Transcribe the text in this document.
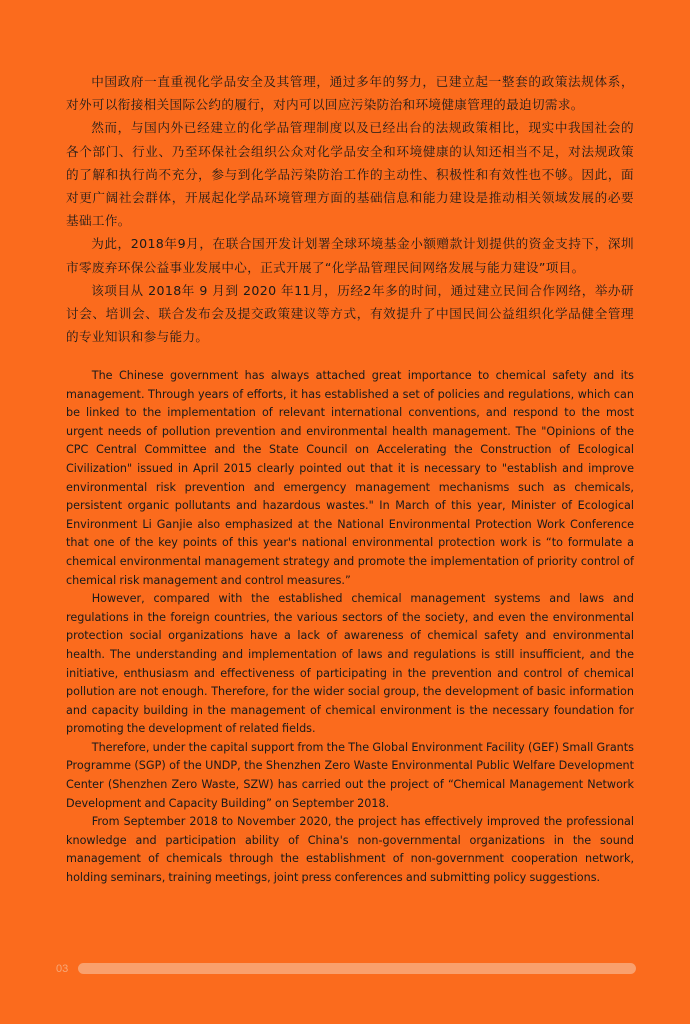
中国政府一直重视化学品安全及其管理，通过多年的努力，已建立起一整套的政策法规体系，对外可以衔接相关国际公约的履行，对内可以回应污染防治和环境健康管理的最迫切需求。

然而，与国内外已经建立的化学品管理制度以及已经出台的法规政策相比，现实中我国社会的各个部门、行业、乃至环保社会组织公众对化学品安全和环境健康的认知还相当不足，对法规政策的了解和执行尚不充分，参与到化学品污染防治工作的主动性、积极性和有效性也不够。因此，面对更广阔社会群体，开展起化学品环境管理方面的基础信息和能力建设是推动相关领域发展的必要基础工作。

为此，2018年9月，在联合国开发计划署全球环境基金小额赠款计划提供的资金支持下，深圳市零废弃环保公益事业发展中心，正式开展了“化学品管理民间网络发展与能力建设”项目。

该项目从 2018年 9 月到 2020 年11月，历经2年多的时间，通过建立民间合作网络，举办研讨会、培训会、联合发布会及提交政策建议等方式，有效提升了中国民间公益组织化学品健全管理的专业知识和参与能力。

The Chinese government has always attached great importance to chemical safety and its management. Through years of efforts, it has established a set of policies and regulations, which can be linked to the implementation of relevant international conventions, and respond to the most urgent needs of pollution prevention and environmental health management. The "Opinions of the CPC Central Committee and the State Council on Accelerating the Construction of Ecological Civilization" issued in April 2015 clearly pointed out that it is necessary to "establish and improve environmental risk prevention and emergency management mechanisms such as chemicals, persistent organic pollutants and hazardous wastes." In March of this year, Minister of Ecological Environment Li Ganjie also emphasized at the National Environmental Protection Work Conference that one of the key points of this year's national environmental protection work is “to formulate a chemical environmental management strategy and promote the implementation of priority control of chemical risk management and control measures.”

However, compared with the established chemical management systems and laws and regulations in the foreign countries, the various sectors of the society, and even the environmental protection social organizations have a lack of awareness of chemical safety and environmental health. The understanding and implementation of laws and regulations is still insufficient, and the initiative, enthusiasm and effectiveness of participating in the prevention and control of chemical pollution are not enough. Therefore, for the wider social group, the development of basic information and capacity building in the management of chemical environment is the necessary foundation for promoting the development of related fields.

Therefore, under the capital support from the The Global Environment Facility (GEF) Small Grants Programme (SGP) of the UNDP, the Shenzhen Zero Waste Environmental Public Welfare Development Center (Shenzhen Zero Waste, SZW) has carried out the project of “Chemical Management Network Development and Capacity Building” on September 2018.

From September 2018 to November 2020, the project has effectively improved the professional knowledge and participation ability of China's non-governmental organizations in the sound management of chemicals through the establishment of non-government cooperation network, holding seminars, training meetings, joint press conferences and submitting policy suggestions.

03
